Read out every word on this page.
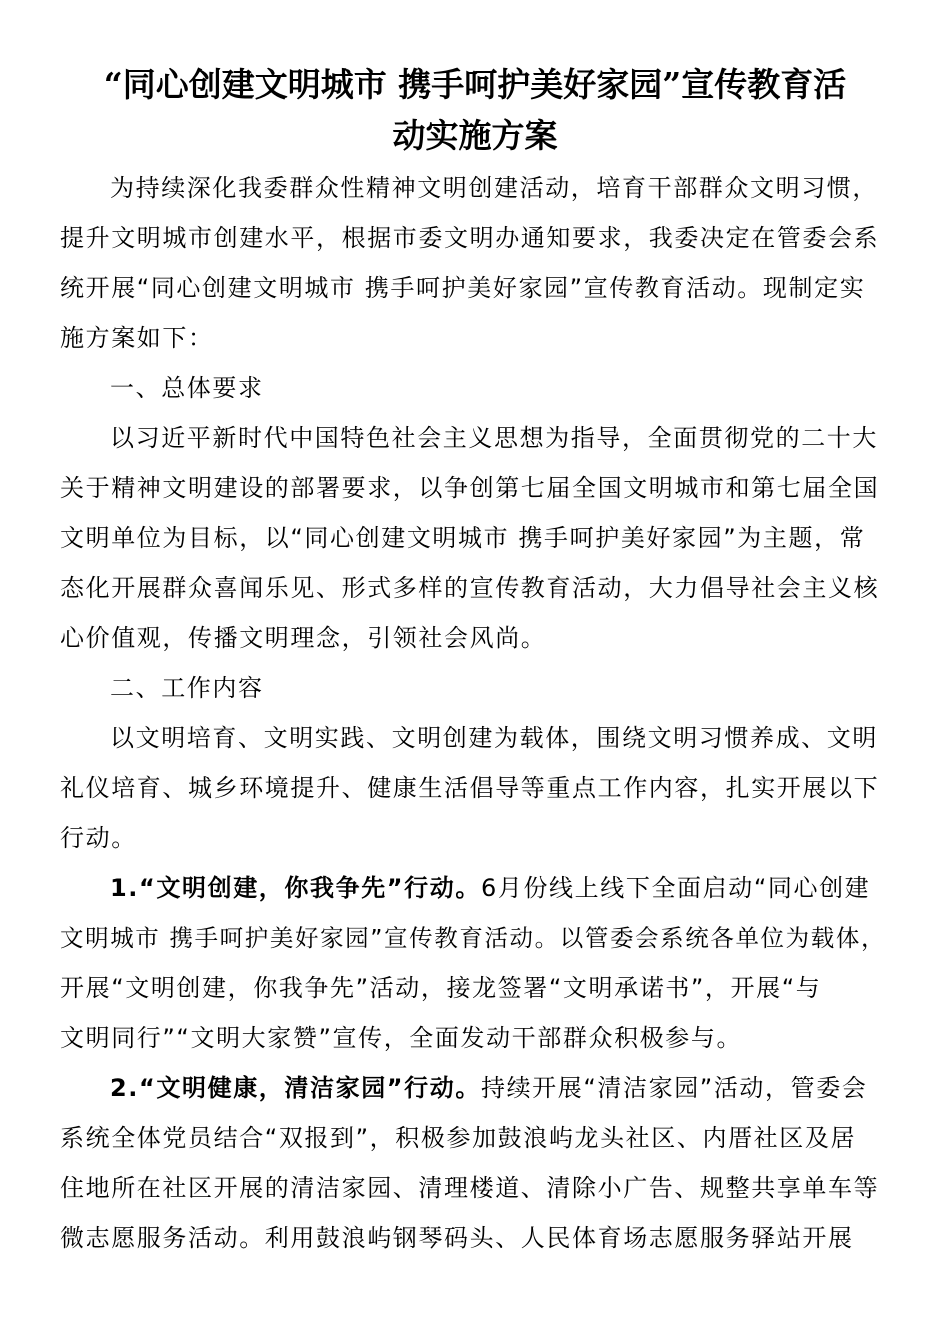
“同心创建文明城市 携手呵护美好家园”宣传教育活
动实施方案
为持续深化我委群众性精神文明创建活动，培育干部群众文明习惯，
提升文明城市创建水平，根据市委文明办通知要求，我委决定在管委会系
统开展“同心创建文明城市 携手呵护美好家园”宣传教育活动。现制定实
施方案如下：
一、总体要求
以习近平新时代中国特色社会主义思想为指导，全面贯彻党的二十大
关于精神文明建设的部署要求，以争创第七届全国文明城市和第七届全国
文明单位为目标，以“同心创建文明城市 携手呵护美好家园”为主题，常
态化开展群众喜闻乐见、形式多样的宣传教育活动，大力倡导社会主义核
心价值观，传播文明理念，引领社会风尚。
二、工作内容
以文明培育、文明实践、文明创建为载体，围绕文明习惯养成、文明
礼仪培育、城乡环境提升、健康生活倡导等重点工作内容，扎实开展以下
行动。
1.“文明创建，你我争先”行动。6月份线上线下全面启动“同心创建
文明城市 携手呵护美好家园”宣传教育活动。以管委会系统各单位为载体，
开展“文明创建，你我争先”活动，接龙签署“文明承诺书”，开展“与
文明同行”“文明大家赞”宣传，全面发动干部群众积极参与。
2.“文明健康，清洁家园”行动。持续开展“清洁家园”活动，管委会
系统全体党员结合“双报到”，积极参加鼓浪屿龙头社区、内厝社区及居
住地所在社区开展的清洁家园、清理楼道、清除小广告、规整共享单车等
微志愿服务活动。利用鼓浪屿钢琴码头、人民体育场志愿服务驿站开展
